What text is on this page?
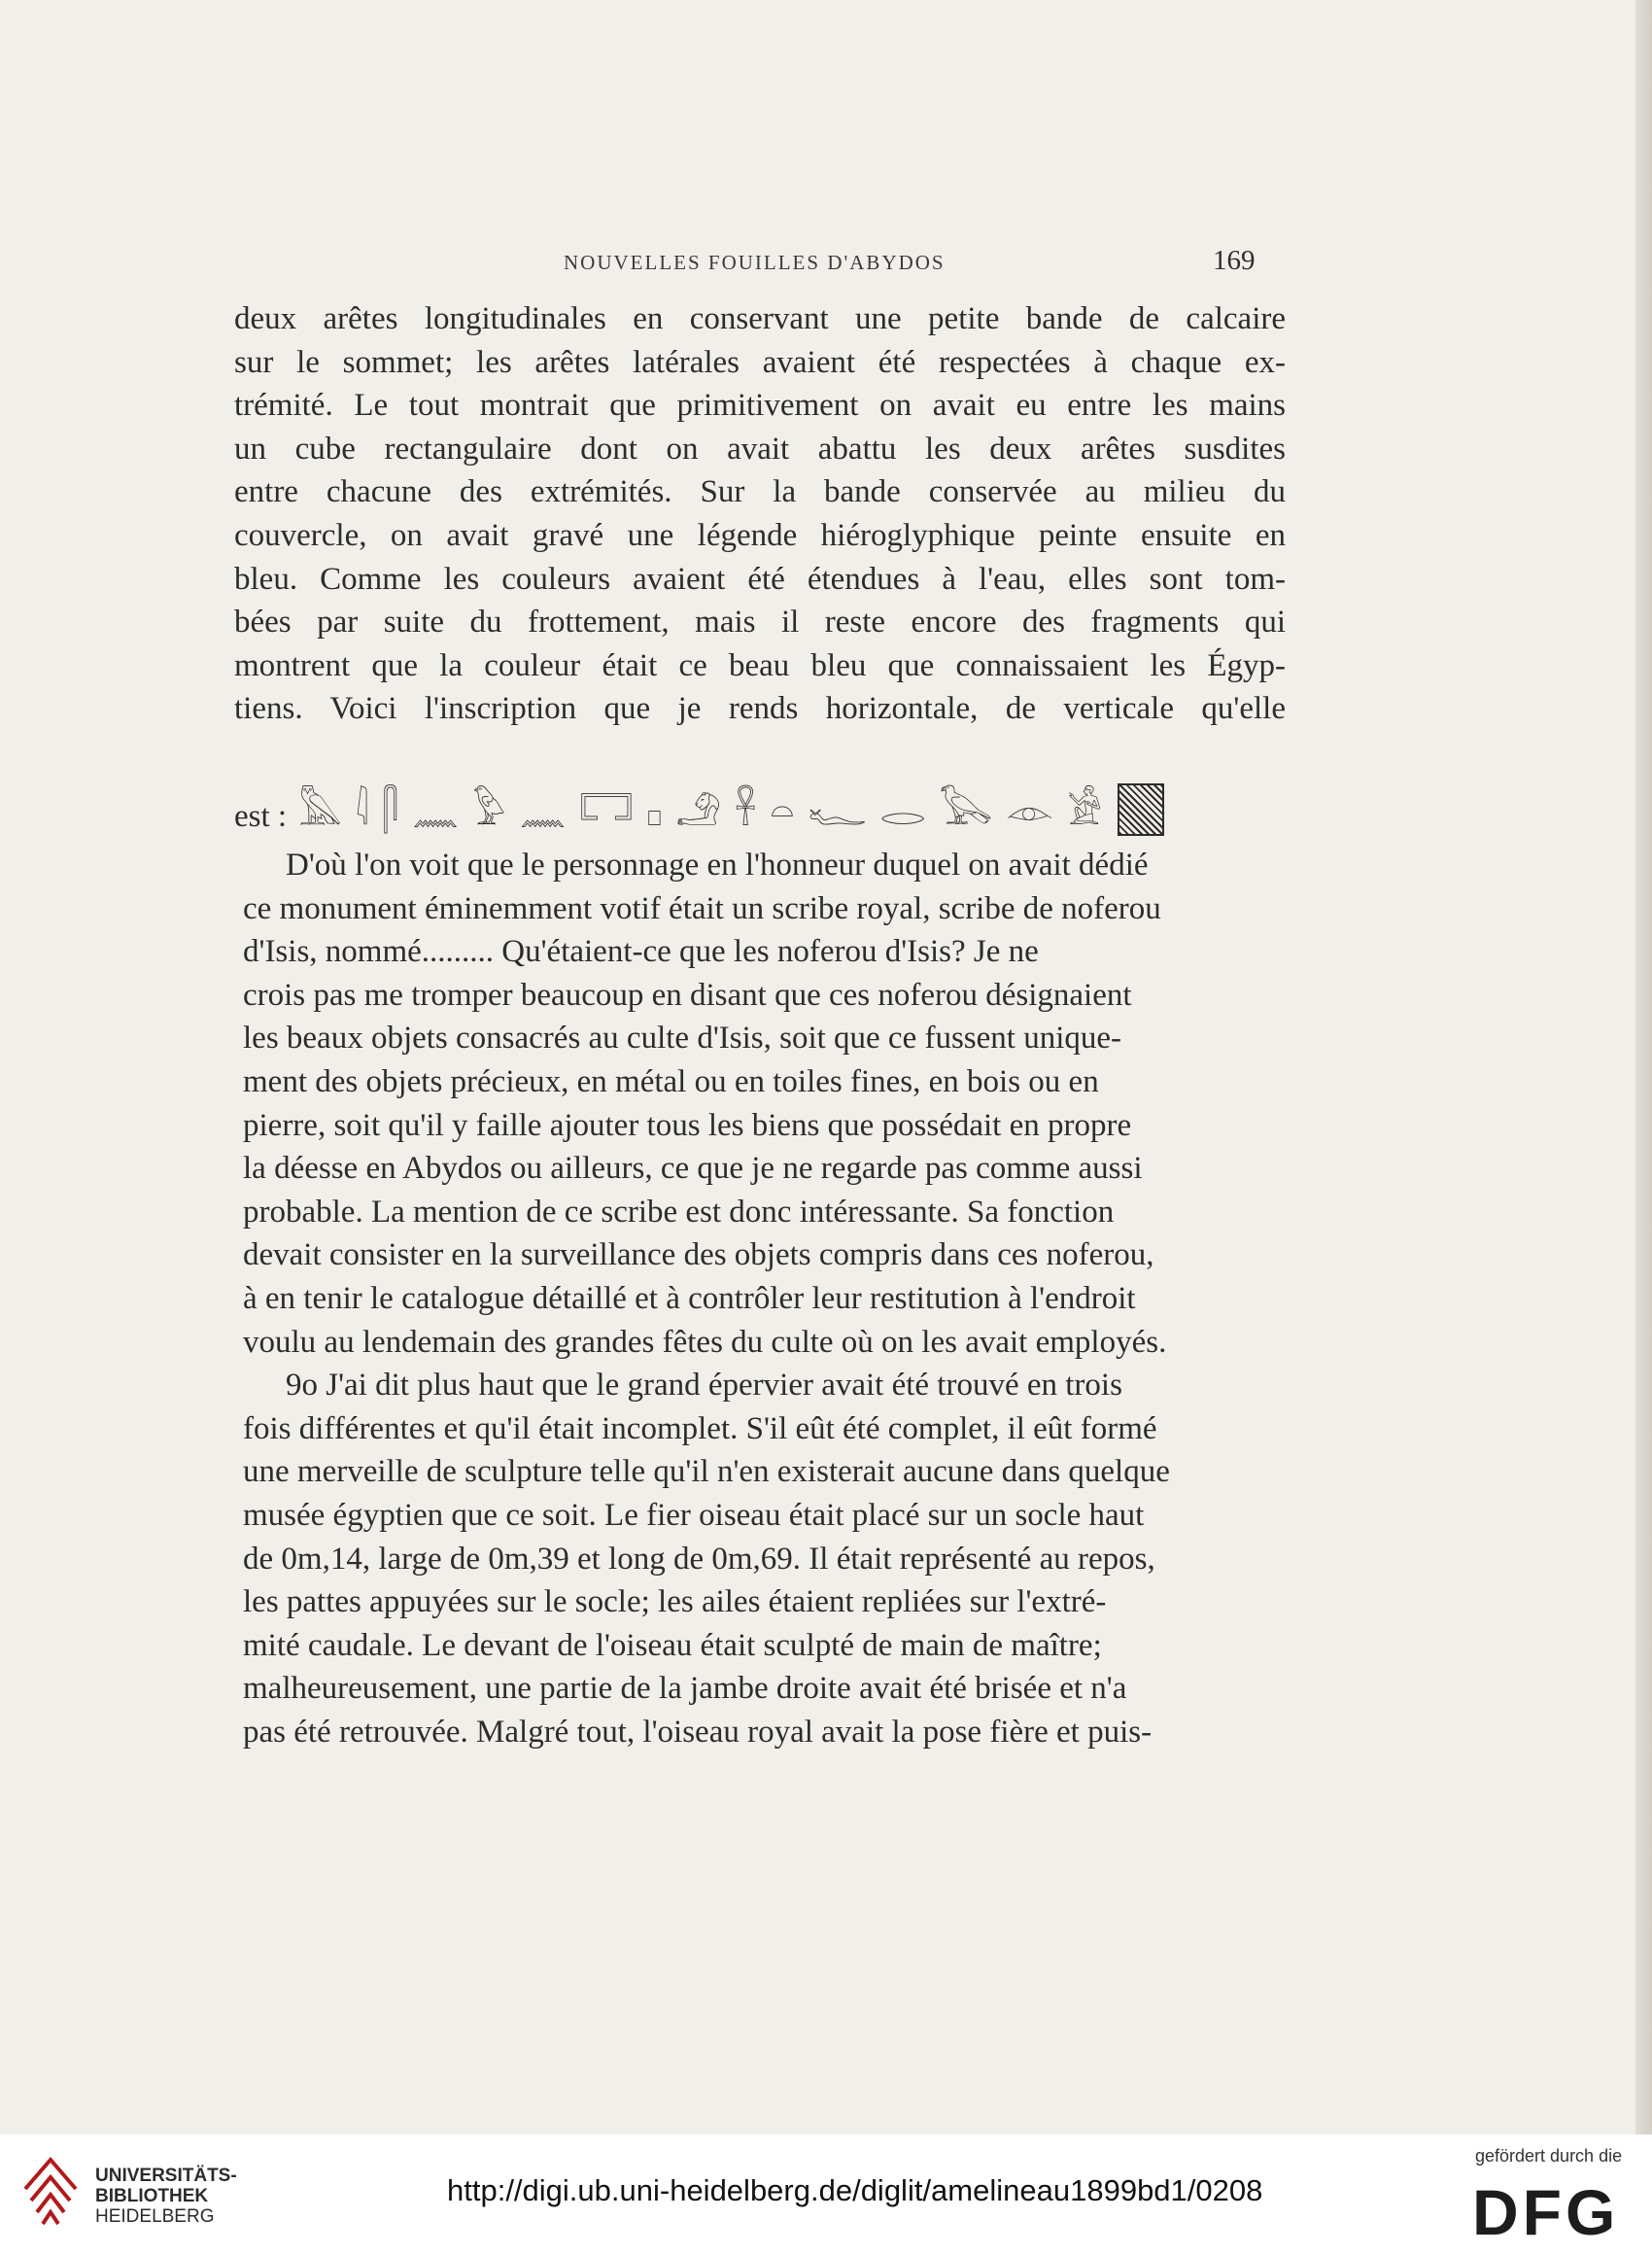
NOUVELLES FOUILLES D'ABYDOS	169
deux arêtes longitudinales en conservant une petite bande de calcaire
sur le sommet; les arêtes latérales avaient été respectées à chaque ex-
trémité. Le tout montrait que primitivement on avait eu entre les mains
un cube rectangulaire dont on avait abattu les deux arêtes susdites
entre chacune des extrémités. Sur la bande conservée au milieu du
couvercle, on avait gravé une légende hiéroglyphique peinte ensuite en
bleu. Comme les couleurs avaient été étendues à l'eau, elles sont tom-
bées par suite du frottement, mais il reste encore des fragments qui
montrent que la couleur était ce beau bleu que connaissaient les Égyp-
tiens. Voici l'inscription que je rends horizontale, de verticale qu'elle
est : 𓅓 𓇋 𓋴 𓈖 𓅱 𓈖 𓉐 𓊪 𓄂 𓋹 𓏏 𓆑 𓂋 𓅂 𓁹 𓀀
D'où l'on voit que le personnage en l'honneur duquel on avait dédié
ce monument éminemment votif était un scribe royal, scribe de noferou
d'Isis, nommé......... Qu'étaient-ce que les noferou d'Isis? Je ne
crois pas me tromper beaucoup en disant que ces noferou désignaient
les beaux objets consacrés au culte d'Isis, soit que ce fussent unique-
ment des objets précieux, en métal ou en toiles fines, en bois ou en
pierre, soit qu'il y faille ajouter tous les biens que possédait en propre
la déesse en Abydos ou ailleurs, ce que je ne regarde pas comme aussi
probable. La mention de ce scribe est donc intéressante. Sa fonction
devait consister en la surveillance des objets compris dans ces noferou,
à en tenir le catalogue détaillé et à contrôler leur restitution à l'endroit
voulu au lendemain des grandes fêtes du culte où on les avait employés.
9o J'ai dit plus haut que le grand épervier avait été trouvé en trois
fois différentes et qu'il était incomplet. S'il eût été complet, il eût formé
une merveille de sculpture telle qu'il n'en existerait aucune dans quelque
musée égyptien que ce soit. Le fier oiseau était placé sur un socle haut
de 0m,14, large de 0m,39 et long de 0m,69. Il était représenté au repos,
les pattes appuyées sur le socle; les ailes étaient repliées sur l'extré-
mité caudale. Le devant de l'oiseau était sculpté de main de maître;
malheureusement, une partie de la jambe droite avait été brisée et n'a
pas été retrouvée. Malgré tout, l'oiseau royal avait la pose fière et puis-
UNIVERSITÄTS-
BIBLIOTHEK
HEIDELBERG
http://digi.ub.uni-heidelberg.de/diglit/amelineau1899bd1/0208
gefördert durch die
DFG
